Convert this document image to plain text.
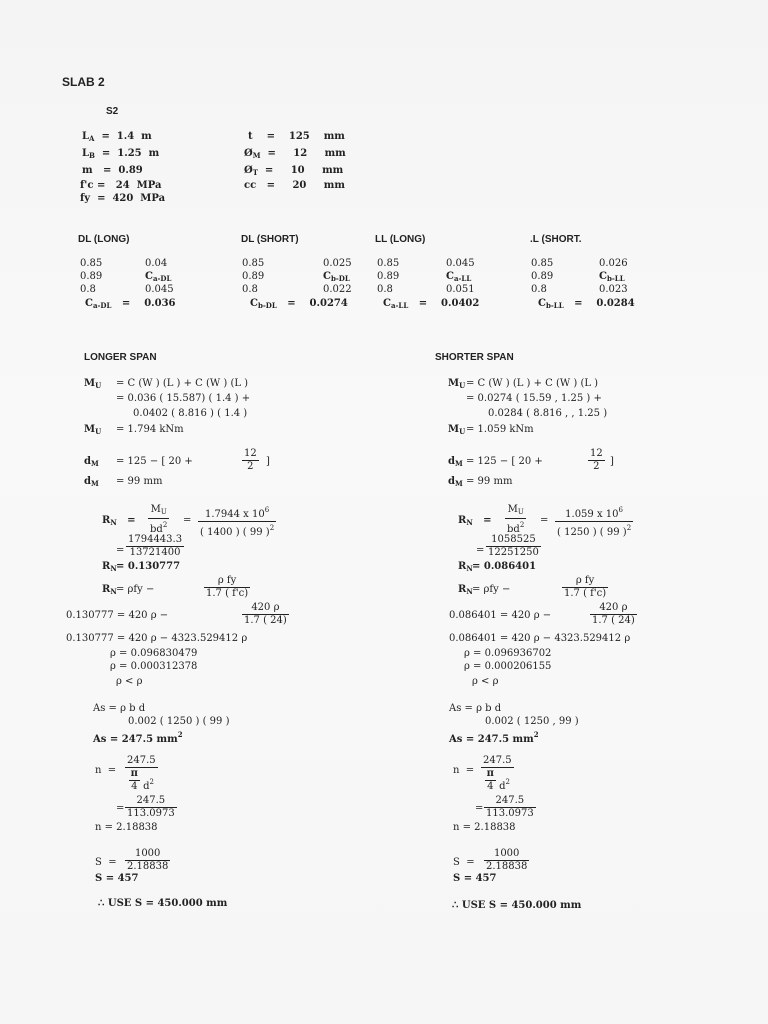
SLAB 2
S2
$L_A = 1.4$ m
$L_B = 1.25$ m
m = 0.89
f'c = 24 MPa
fy = 420 MPa
t = 125 mm
$Ø_M = 12$ mm
$Ø_T = 10$ mm
cc = 20 mm
DL (LONG)	DL (SHORT)	LL (LONG)	.L (SHORT.
0.85	0.04
0.89	$C_{a-DL}$
0.8	0.045
$C_{a-DL} = 0.036$
0.85	0.025
0.89	$C_{b-DL}$
0.8	0.022
$C_{b-DL} = 0.0274$
0.85	0.045
0.89	$C_{a-LL}$
0.8	0.051
$C_{a-LL} = 0.0402$
0.85	0.026
0.89	$C_{b-LL}$
0.8	0.023
$C_{b-LL} = 0.0284$
LONGER SPAN
$M_U = C$ (W ) (L ) + C (W ) (L )
= 0.036 ( 15.587) ( 1.4 ) +
0.0402 ( 8.816 ) ( 1.4 )
$M_U = 1.794$ kNm
$d_M = 125$ − [ 20 +	$\frac{12}{2}$ ]
$d_M = 99$ mm
$R_N = \frac{M_U}{bd^2} = \frac{1.7944 x 10^6}{( 1400 ) ( 99 )^2}$
= $\frac{1794443.3}{13721400}$
$R_N = 0.130777$
$R_N = \rho fy$ −	$\frac{\text{ρ fy}}{1.7 ( f'c)}$
0.130777 = 420 ρ −	$\frac{420 \rho}{1.7 ( 24)}$
0.130777 = 420 ρ − 4323.529412 ρ
ρ = 0.096830479
ρ = 0.000312378
ρ < ρ
As = ρ b d
0.002 ( 1250 ) ( 99 )
As = 247.5 $mm^2$
$n = \frac{247.5}{\frac{\pi}{4} d^2}$
= $\frac{247.5}{113.0973}$
n = 2.18838
$S = \frac{1000}{2.18838}$
S = 457
∴ USE S = 450.000 mm
SHORTER SPAN
$M_U = C$ (W ) (L ) + C (W ) (L )
= 0.0274 ( 15.59 , 1.25 ) +
0.0284 ( 8.816 , , 1.25 )
$M_U = 1.059$ kNm
$d_M = 125$ − [ 20 +	$\frac{12}{2}$ ]
$d_M = 99$ mm
$R_N = \frac{M_U}{bd^2} = \frac{1.059 x 10^6}{( 1250 ) ( 99 )^2}$
= $\frac{1058525}{12251250}$
$R_N = 0.086401$
$R_N = \rho fy$ −	$\frac{\text{ρ fy}}{1.7 ( f'c)}$
0.086401 = 420 ρ −	$\frac{420 \rho}{1.7 ( 24)}$
0.086401 = 420 ρ − 4323.529412 ρ
ρ = 0.096936702
ρ = 0.000206155
ρ < ρ
As = ρ b d
0.002 ( 1250 , 99 )
As = 247.5 $mm^2$
$n = \frac{247.5}{\frac{\pi}{4} d^2}$
= $\frac{247.5}{113.0973}$
n = 2.18838
$S = \frac{1000}{2.18838}$
S = 457
∴ USE S = 450.000 mm
